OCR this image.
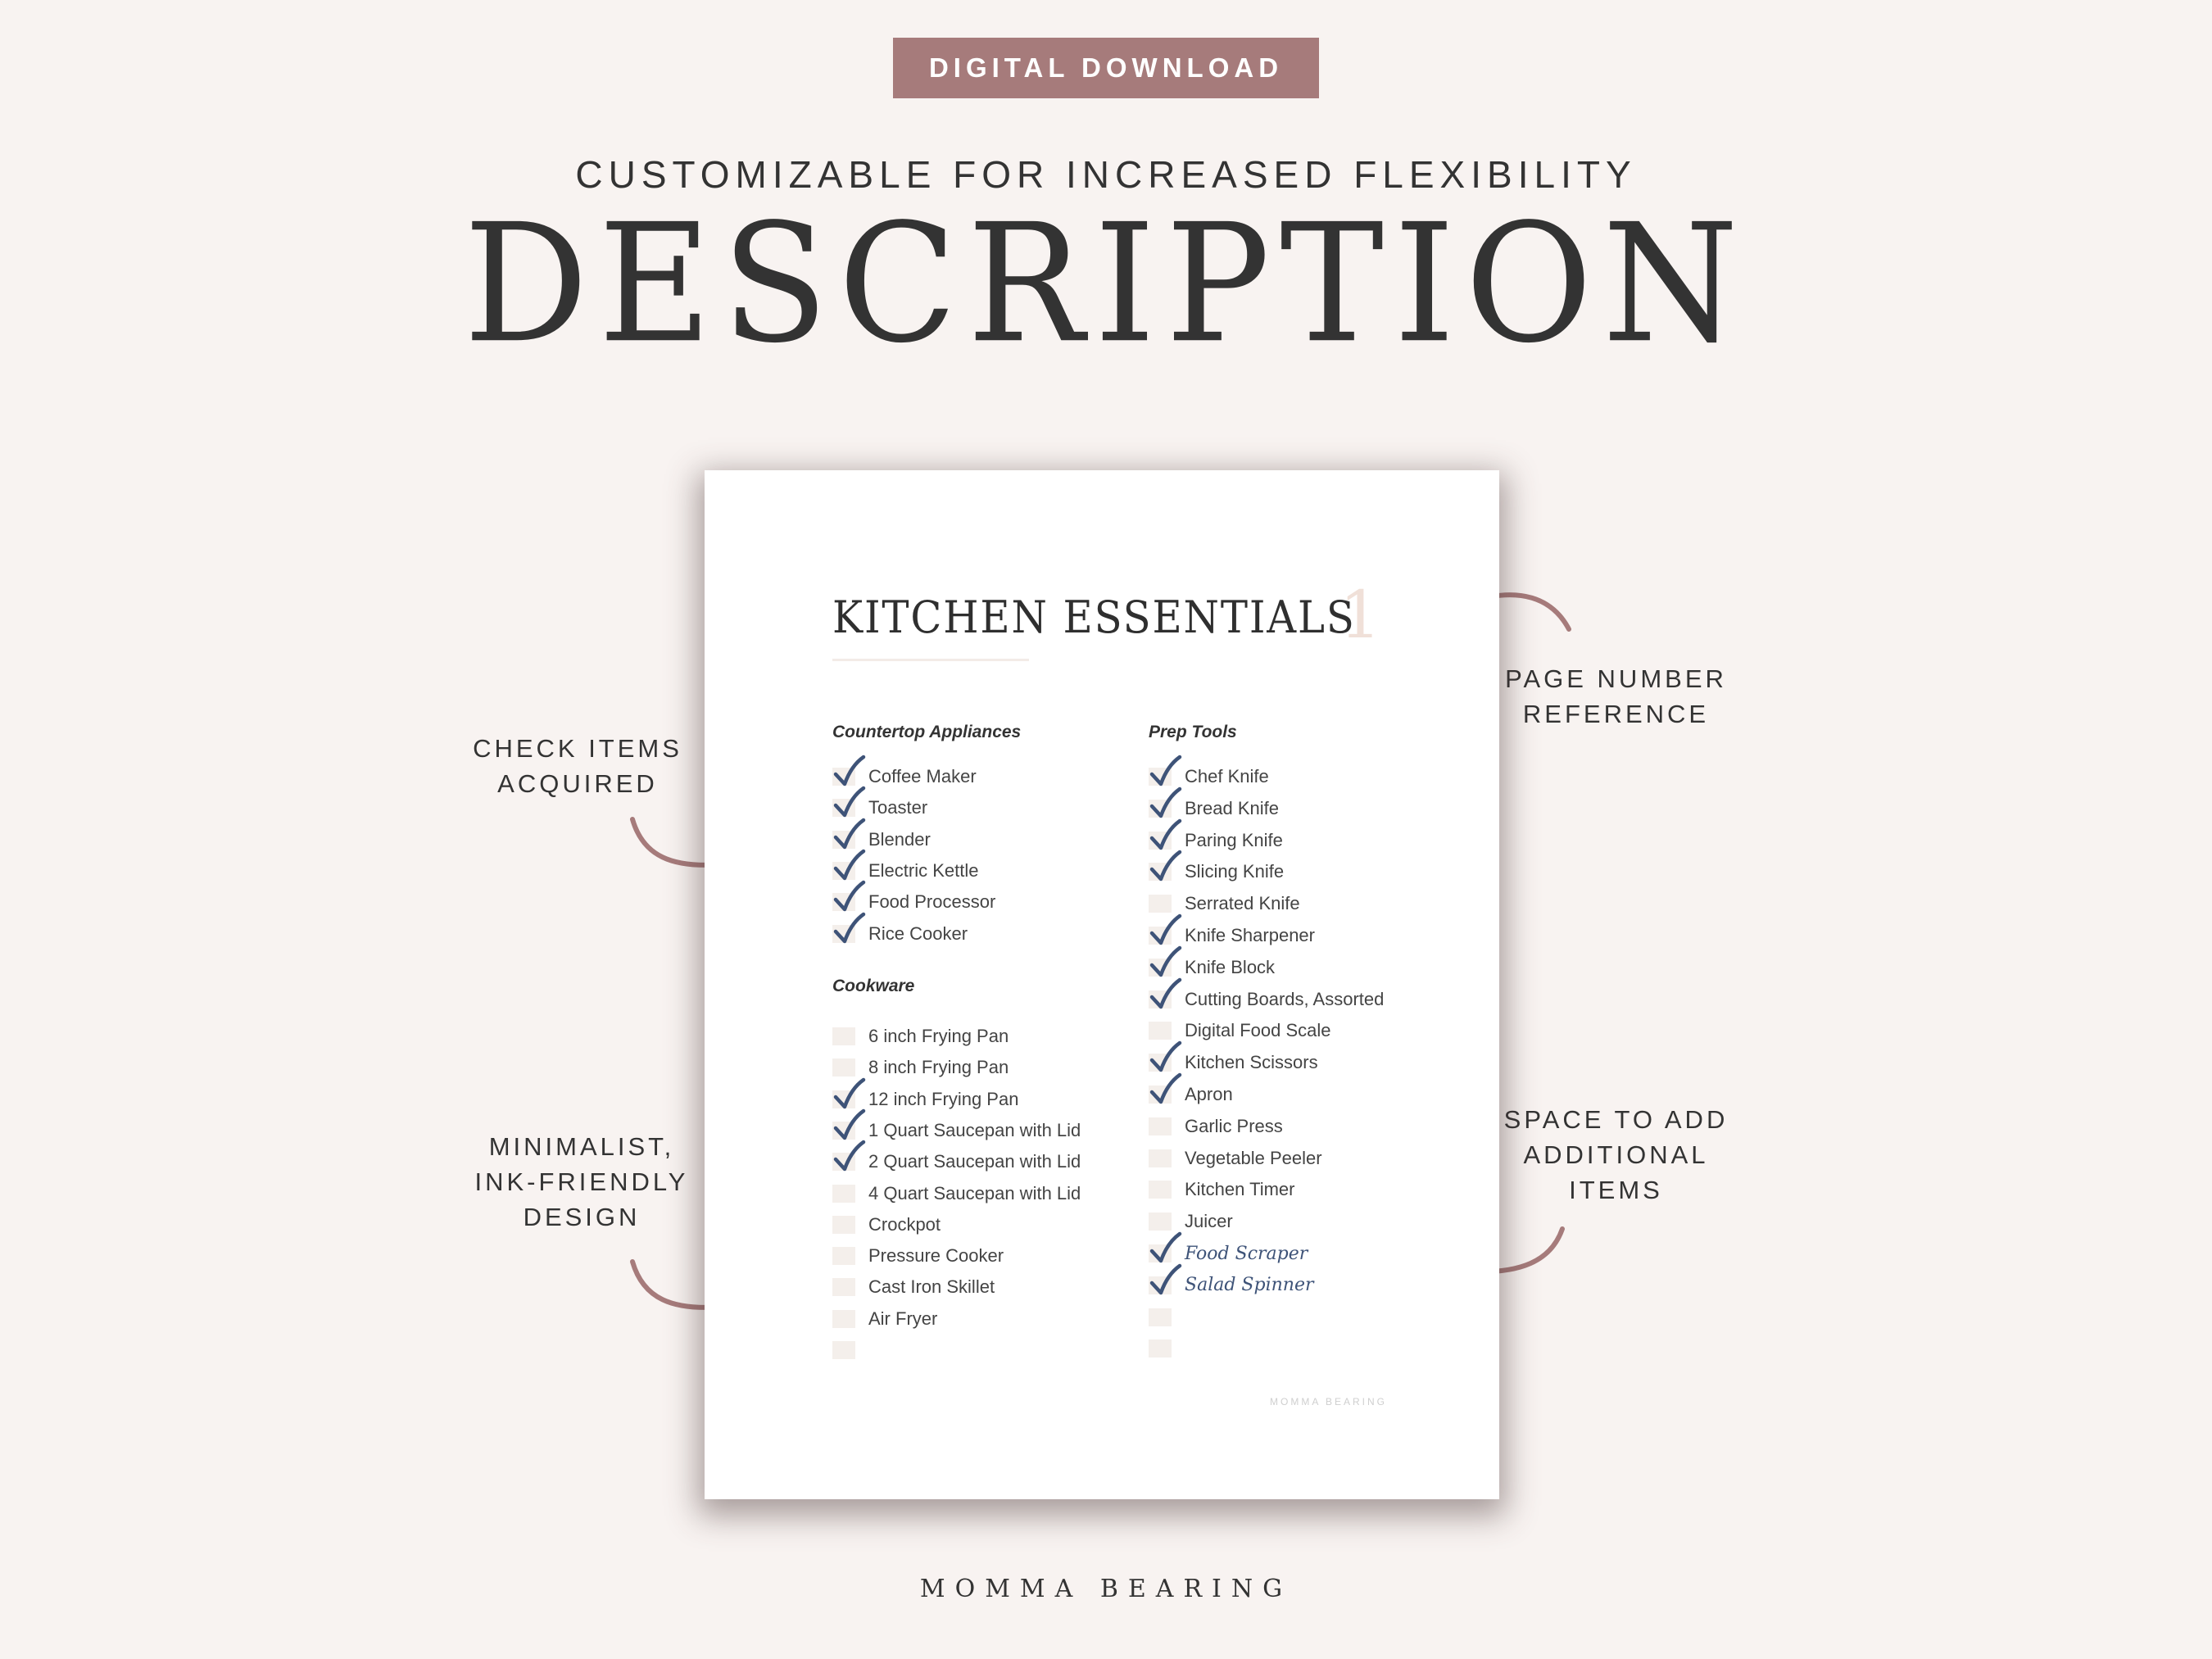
DIGITAL DOWNLOAD
CUSTOMIZABLE FOR INCREASED FLEXIBILITY
DESCRIPTION
CHECK ITEMS
ACQUIRED
MINIMALIST,
INK-FRIENDLY
DESIGN
PAGE NUMBER
REFERENCE
SPACE TO ADD
ADDITIONAL
ITEMS
KITCHEN ESSENTIALS
1
Countertop Appliances	Prep Tools
Cookware
Coffee Maker
Toaster
Blender
Electric Kettle
Food Processor
Rice Cooker
6 inch Frying Pan
8 inch Frying Pan
12 inch Frying Pan
1 Quart Saucepan with Lid
2 Quart Saucepan with Lid
4 Quart Saucepan with Lid
Crockpot
Pressure Cooker
Cast Iron Skillet
Air Fryer
Chef Knife
Bread Knife
Paring Knife
Slicing Knife
Serrated Knife
Knife Sharpener
Knife Block
Cutting Boards, Assorted
Digital Food Scale
Kitchen Scissors
Apron
Garlic Press
Vegetable Peeler
Kitchen Timer
Juicer
Food Scraper
Salad Spinner
MOMMA BEARING
MOMMA BEARING
